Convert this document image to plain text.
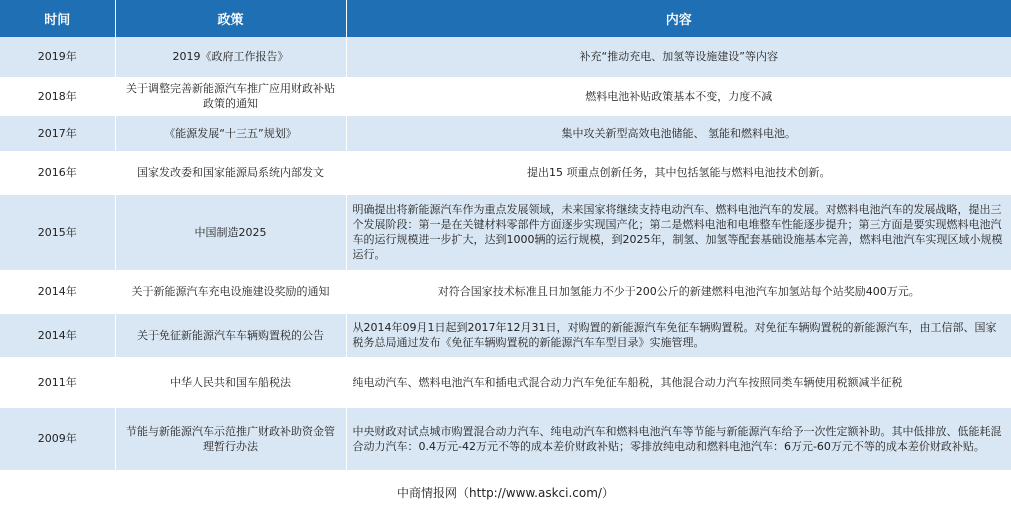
时间	政策	内容
2019年	2019《政府工作报告》	补充“推动充电、加氢等设施建设”等内容
2018年	关于调整完善新能源汽车推广应用财政补贴政策的通知	燃料电池补贴政策基本不变，力度不减
2017年	《能源发展“十三五”规划》	集中攻关新型高效电池储能、 氢能和燃料电池。
2016年	国家发改委和国家能源局系统内部发文	提出15 项重点创新任务，其中包括氢能与燃料电池技术创新。
2015年	中国制造2025	明确提出将新能源汽车作为重点发展领域，未来国家将继续支持电动汽车、燃料电池汽车的发展。对燃料电池汽车的发展战略，提出三个发展阶段：第一是在关键材料零部件方面逐步实现国产化；第二是燃料电池和电堆整车性能逐步提升；第三方面是要实现燃料电池汽车的运行规模进一步扩大，达到1000辆的运行规模，到2025年，制氢、加氢等配套基础设施基本完善，燃料电池汽车实现区域小规模运行。
2014年	关于新能源汽车充电设施建设奖励的通知	对符合国家技术标准且日加氢能力不少于200公斤的新建燃料电池汽车加氢站每个站奖励400万元。
2014年	关于免征新能源汽车车辆购置税的公告	从2014年09月1日起到2017年12月31日，对购置的新能源汽车免征车辆购置税。对免征车辆购置税的新能源汽车，由工信部、国家税务总局通过发布《免征车辆购置税的新能源汽车车型目录》实施管理。
2011年	中华人民共和国车船税法	纯电动汽车、燃料电池汽车和插电式混合动力汽车免征车船税，其他混合动力汽车按照同类车辆使用税额减半征税
2009年	节能与新能源汽车示范推广财政补助资金管理暂行办法	中央财政对试点城市购置混合动力汽车、纯电动汽车和燃料电池汽车等节能与新能源汽车给予一次性定额补助。其中低排放、低能耗混合动力汽车：0.4万元-42万元不等的成本差价财政补贴；零排放纯电动和燃料电池汽车：6万元-60万元不等的成本差价财政补贴。
中商情报网（http://www.askci.com/）
